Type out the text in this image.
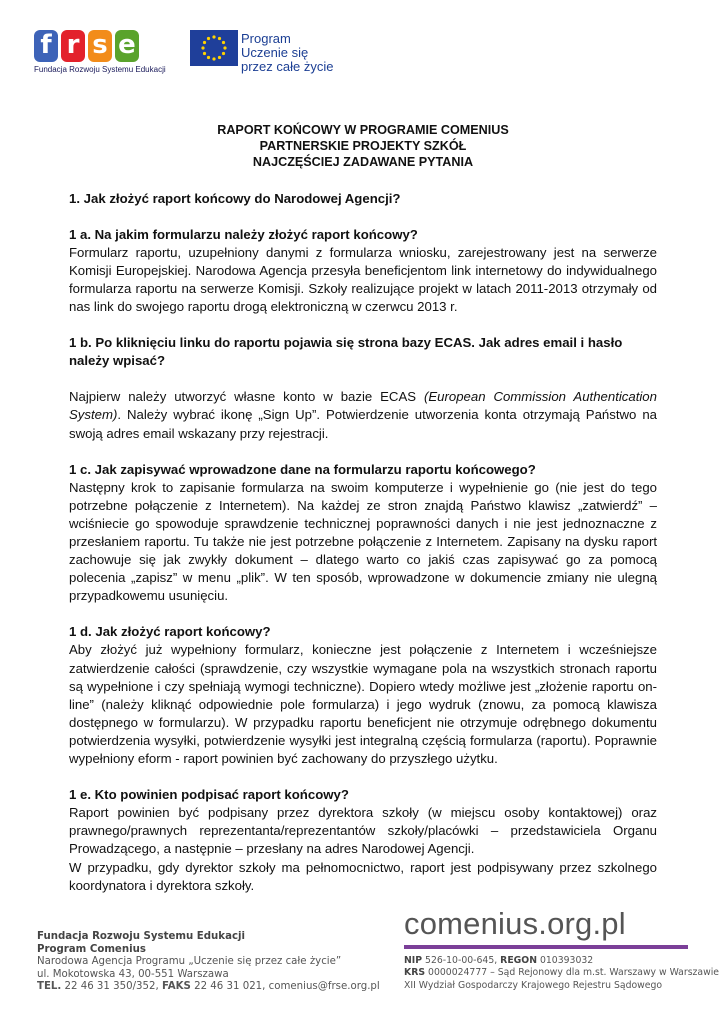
f r s e
Fundacja Rozwoju Systemu Edukacji
Program
Uczenie się
przez całe życie
RAPORT KOŃCOWY W PROGRAMIE COMENIUS
PARTNERSKIE PROJEKTY SZKÓŁ
NAJCZĘŚCIEJ ZADAWANE PYTANIA
1. Jak złożyć raport końcowy do Narodowej Agencji?
1 a. Na jakim formularzu należy złożyć raport końcowy?

Formularz raportu, uzupełniony danymi z formularza wniosku, zarejestrowany jest na serwerze Komisji Europejskiej. Narodowa Agencja przesyła beneficjentom link internetowy do indywidualnego formularza raportu na serwerze Komisji. Szkoły realizujące projekt w latach 2011-2013 otrzymały od nas link do swojego raportu drogą elektroniczną w czerwcu 2013 r.

1 b. Po kliknięciu linku do raportu pojawia się strona bazy ECAS. Jak adres email i hasło należy wpisać?

Najpierw należy utworzyć własne konto w bazie ECAS (European Commission Authentication System). Należy wybrać ikonę „Sign Up”. Potwierdzenie utworzenia konta otrzymają Państwo na swoją adres email wskazany przy rejestracji.

1 c. Jak zapisywać wprowadzone dane na formularzu raportu końcowego?

Następny krok to zapisanie formularza na swoim komputerze i wypełnienie go (nie jest do tego potrzebne połączenie z Internetem). Na każdej ze stron znajdą Państwo klawisz „zatwierdź” – wciśniecie go spowoduje sprawdzenie technicznej poprawności danych i nie jest jednoznaczne z przesłaniem raportu. Tu także nie jest potrzebne połączenie z Internetem. Zapisany na dysku raport zachowuje się jak zwykły dokument – dlatego warto co jakiś czas zapisywać go za pomocą polecenia „zapisz” w menu „plik”. W ten sposób, wprowadzone w dokumencie zmiany nie ulegną przypadkowemu usunięciu.

1 d. Jak złożyć raport końcowy?

Aby złożyć już wypełniony formularz, konieczne jest połączenie z Internetem i wcześniejsze zatwierdzenie całości (sprawdzenie, czy wszystkie wymagane pola na wszystkich stronach raportu są wypełnione i czy spełniają wymogi techniczne). Dopiero wtedy możliwe jest „złożenie raportu on-line” (należy kliknąć odpowiednie pole formularza) i jego wydruk (znowu, za pomocą klawisza dostępnego w formularzu). W przypadku raportu beneficjent nie otrzymuje odrębnego dokumentu potwierdzenia wysyłki, potwierdzenie wysyłki jest integralną częścią formularza (raportu). Poprawnie wypełniony eform - raport powinien być zachowany do przyszłego użytku.

1 e. Kto powinien podpisać raport końcowy?

Raport powinien być podpisany przez dyrektora szkoły (w miejscu osoby kontaktowej) oraz prawnego/prawnych reprezentanta/reprezentantów szkoły/placówki – przedstawiciela Organu Prowadzącego, a następnie – przesłany na adres Narodowej Agencji.

W przypadku, gdy dyrektor szkoły ma pełnomocnictwo, raport jest podpisywany przez szkolnego koordynatora i dyrektora szkoły.

Fundacja Rozwoju Systemu Edukacji
Program Comenius
Narodowa Agencja Programu „Uczenie się przez całe życie”
ul. Mokotowska 43, 00-551 Warszawa
TEL. 22 46 31 350/352, FAKS 22 46 31 021, comenius@frse.org.pl
comenius.org.pl
NIP 526-10-00-645, REGON 010393032
KRS 0000024777 – Sąd Rejonowy dla m.st. Warszawy w Warszawie
XII Wydział Gospodarczy Krajowego Rejestru Sądowego
